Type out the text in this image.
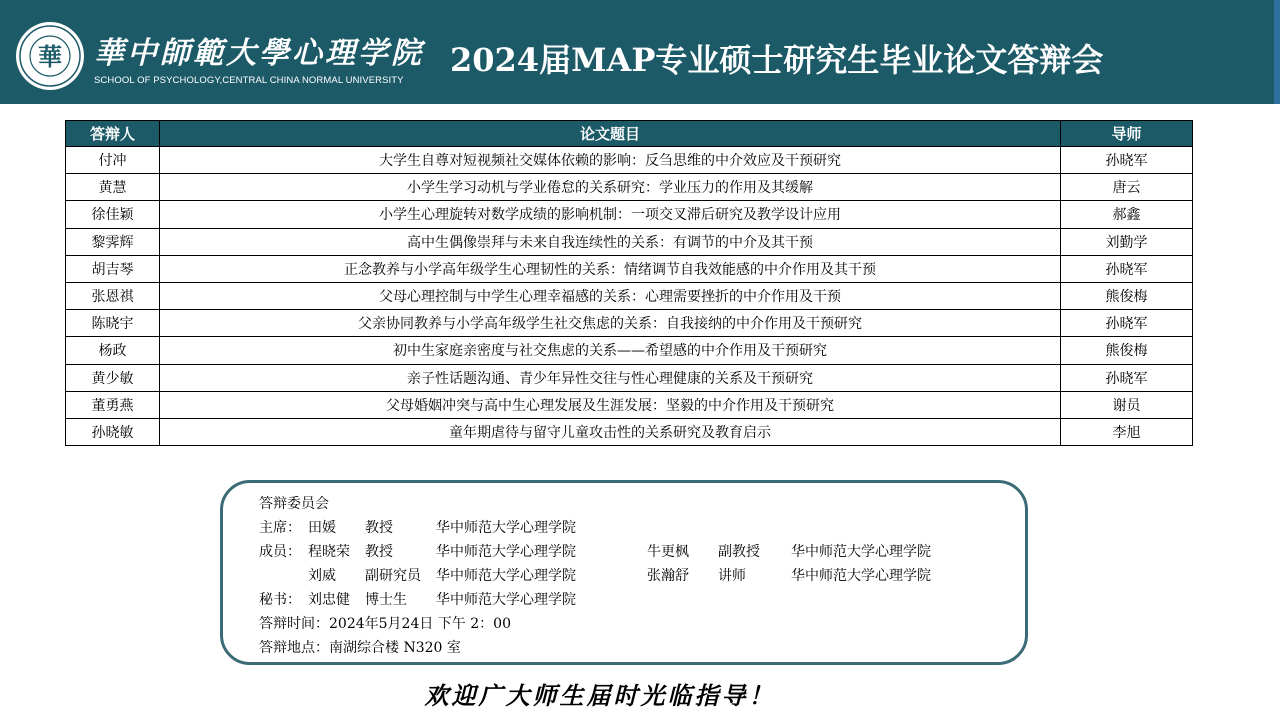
華 華中師範大學心理学院
SCHOOL OF PSYCHOLOGY,CENTRAL CHINA NORMAL UNIVERSITY
2024届MAP专业硕士研究生毕业论文答辩会
答辩人	论文题目	导师
付冲	大学生自尊对短视频社交媒体依赖的影响：反刍思维的中介效应及干预研究	孙晓军
黄慧	小学生学习动机与学业倦怠的关系研究：学业压力的作用及其缓解	唐云
徐佳颖	小学生心理旋转对数学成绩的影响机制：一项交叉滞后研究及教学设计应用	郝鑫
黎霁辉	高中生偶像崇拜与未来自我连续性的关系：有调节的中介及其干预	刘勤学
胡吉琴	正念教养与小学高年级学生心理韧性的关系：情绪调节自我效能感的中介作用及其干预	孙晓军
张恩祺	父母心理控制与中学生心理幸福感的关系：心理需要挫折的中介作用及干预	熊俊梅
陈晓宇	父亲协同教养与小学高年级学生社交焦虑的关系：自我接纳的中介作用及干预研究	孙晓军
杨政	初中生家庭亲密度与社交焦虑的关系——希望感的中介作用及干预研究	熊俊梅
黄少敏	亲子性话题沟通、青少年异性交往与性心理健康的关系及干预研究	孙晓军
董勇燕	父母婚姻冲突与高中生心理发展及生涯发展：坚毅的中介作用及干预研究	谢员
孙晓敏	童年期虐待与留守儿童攻击性的关系研究及教育启示	李旭
答辩委员会
主席： 田媛 教授	华中师范大学心理学院
成员： 程晓荣 教授	华中师范大学心理学院	牛更枫 副教授 华中师范大学心理学院
刘威 副研究员 华中师范大学心理学院	张瀚舒 讲师	华中师范大学心理学院
秘书： 刘忠健 博士生 华中师范大学心理学院
答辩时间：2024年5月24日 下午 2：00
答辩地点：南湖综合楼 N320 室
欢迎广大师生届时光临指导！
